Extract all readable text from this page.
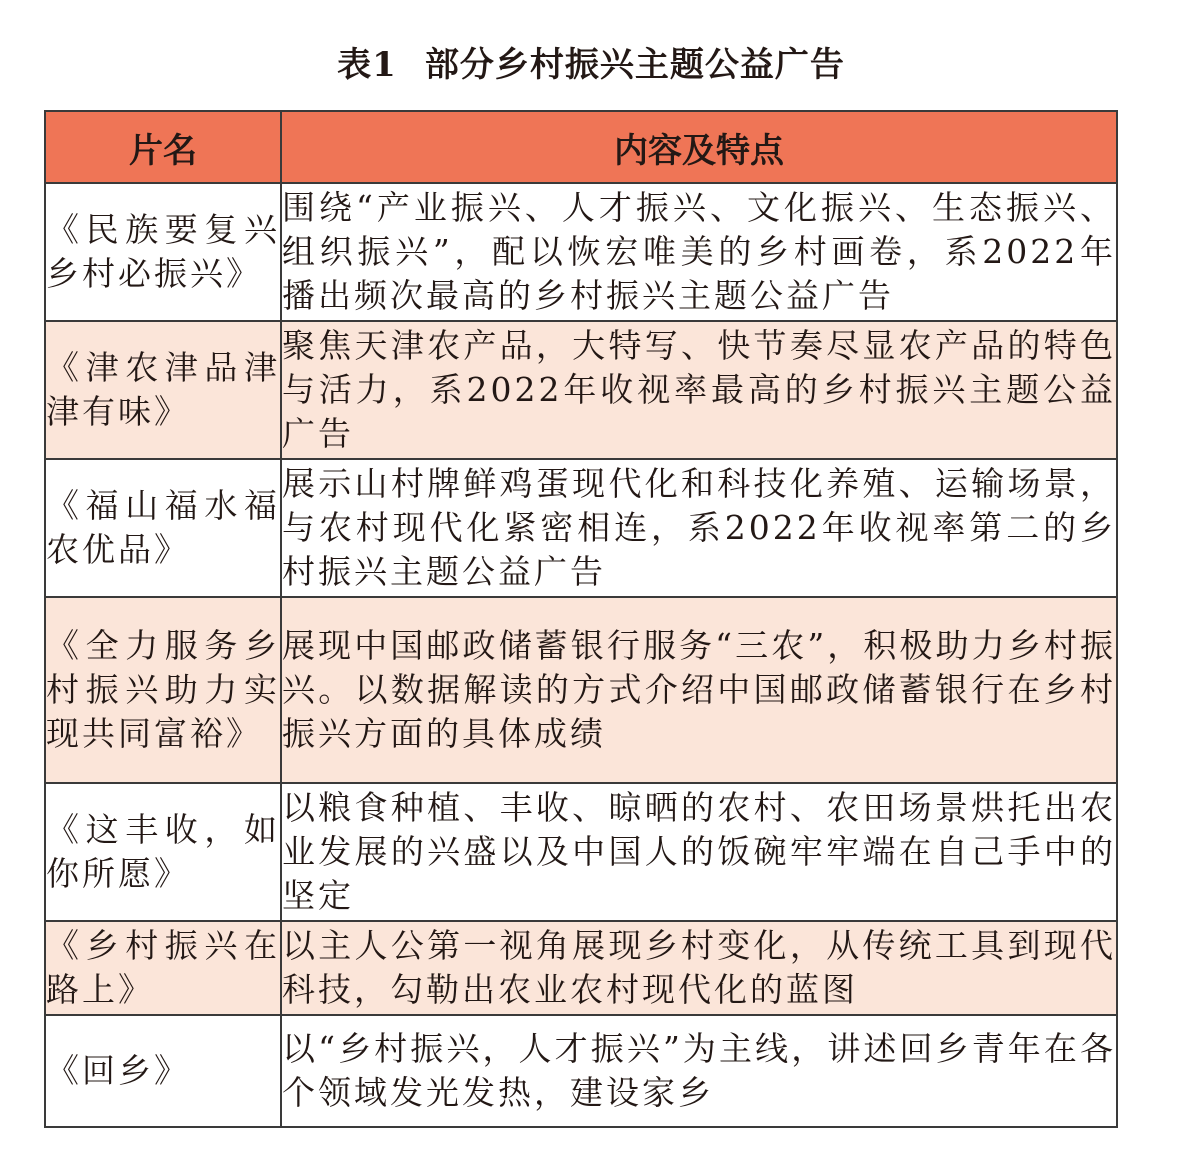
表1 部分乡村振兴主题公益广告
片名	内容及特点
《民族要复兴乡村必振兴》	围绕“产业振兴、人才振兴、文化振兴、生态振兴、组织振兴”，配以恢宏唯美的乡村画卷，系2022年播出频次最高的乡村振兴主题公益广告
《津农津品津津有味》	聚焦天津农产品，大特写、快节奏尽显农产品的特色与活力，系2022年收视率最高的乡村振兴主题公益广告
《福山福水福农优品》	展示山村牌鲜鸡蛋现代化和科技化养殖、运输场景，与农村现代化紧密相连，系2022年收视率第二的乡村振兴主题公益广告
《全力服务乡村振兴助力实现共同富裕》	展现中国邮政储蓄银行服务“三农”，积极助力乡村振兴。以数据解读的方式介绍中国邮政储蓄银行在乡村振兴方面的具体成绩
《这丰收，如你所愿》	以粮食种植、丰收、晾晒的农村、农田场景烘托出农业发展的兴盛以及中国人的饭碗牢牢端在自己手中的坚定
《乡村振兴在路上》	以主人公第一视角展现乡村变化，从传统工具到现代科技，勾勒出农业农村现代化的蓝图
《回乡》	以“乡村振兴，人才振兴”为主线，讲述回乡青年在各个领域发光发热，建设家乡
